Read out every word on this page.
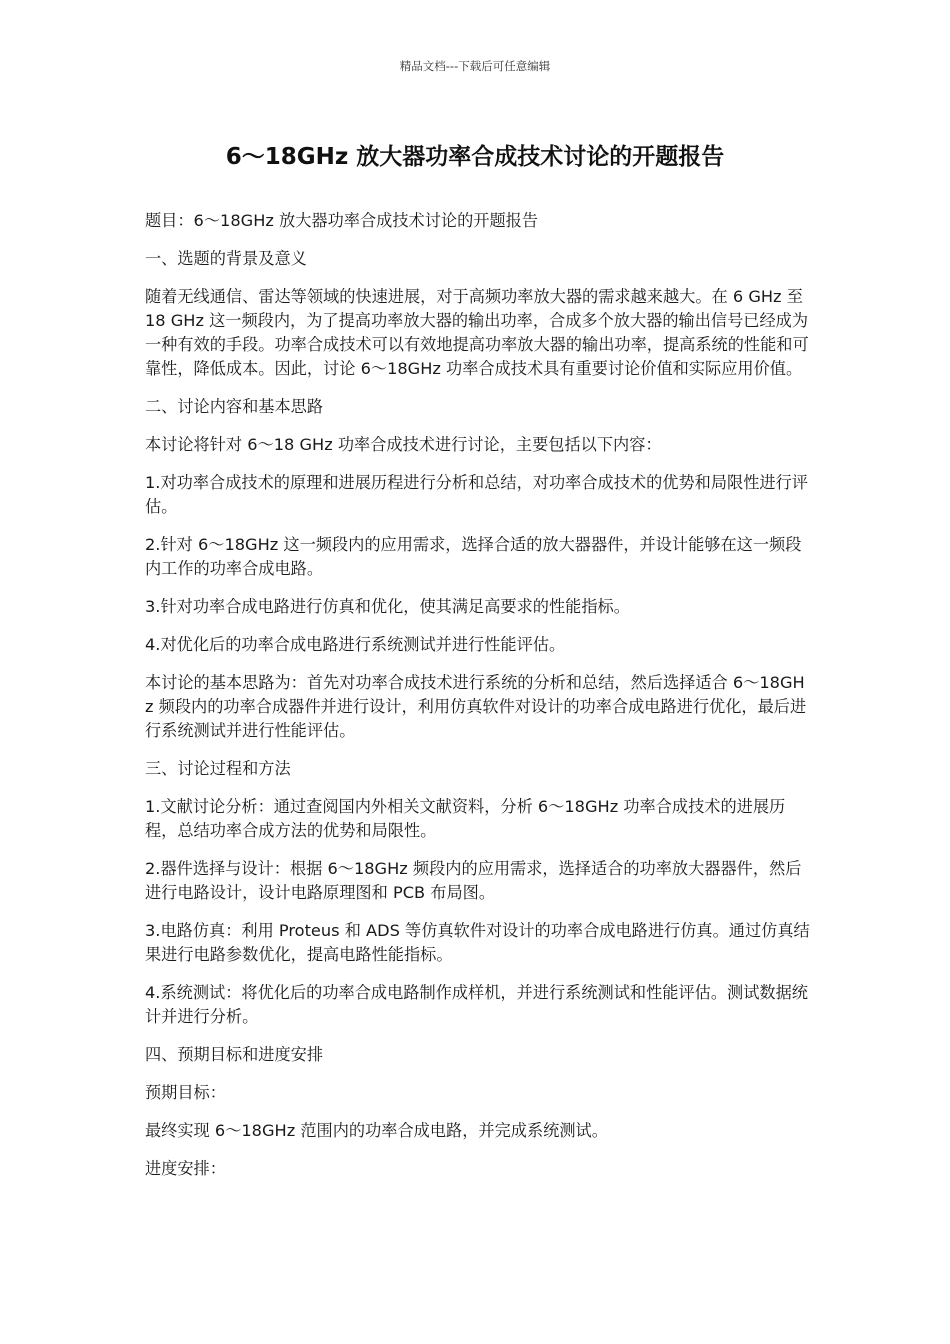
精品文档---下载后可任意编辑
6～18GHz 放大器功率合成技术讨论的开题报告

题目：6～18GHz 放大器功率合成技术讨论的开题报告

一、选题的背景及意义

随着无线通信、雷达等领域的快速进展，对于高频功率放大器的需求越来越大。在 6 GHz 至 18 GHz 这一频段内，为了提高功率放大器的输出功率，合成多个放大器的输出信号已经成为一种有效的手段。功率合成技术可以有效地提高功率放大器的输出功率，提高系统的性能和可靠性，降低成本。因此，讨论 6～18GHz 功率合成技术具有重要讨论价值和实际应用价值。

二、讨论内容和基本思路

本讨论将针对 6～18 GHz 功率合成技术进行讨论，主要包括以下内容：

1.对功率合成技术的原理和进展历程进行分析和总结，对功率合成技术的优势和局限性进行评估。

2.针对 6～18GHz 这一频段内的应用需求，选择合适的放大器器件，并设计能够在这一频段内工作的功率合成电路。

3.针对功率合成电路进行仿真和优化，使其满足高要求的性能指标。

4.对优化后的功率合成电路进行系统测试并进行性能评估。

本讨论的基本思路为：首先对功率合成技术进行系统的分析和总结，然后选择适合 6～18GHz 频段内的功率合成器件并进行设计，利用仿真软件对设计的功率合成电路进行优化，最后进行系统测试并进行性能评估。

三、讨论过程和方法

1.文献讨论分析：通过查阅国内外相关文献资料，分析 6～18GHz 功率合成技术的进展历程，总结功率合成方法的优势和局限性。

2.器件选择与设计：根据 6～18GHz 频段内的应用需求，选择适合的功率放大器器件，然后进行电路设计，设计电路原理图和 PCB 布局图。

3.电路仿真：利用 Proteus 和 ADS 等仿真软件对设计的功率合成电路进行仿真。通过仿真结果进行电路参数优化，提高电路性能指标。

4.系统测试：将优化后的功率合成电路制作成样机，并进行系统测试和性能评估。测试数据统计并进行分析。

四、预期目标和进度安排

预期目标：

最终实现 6～18GHz 范围内的功率合成电路，并完成系统测试。

进度安排：
